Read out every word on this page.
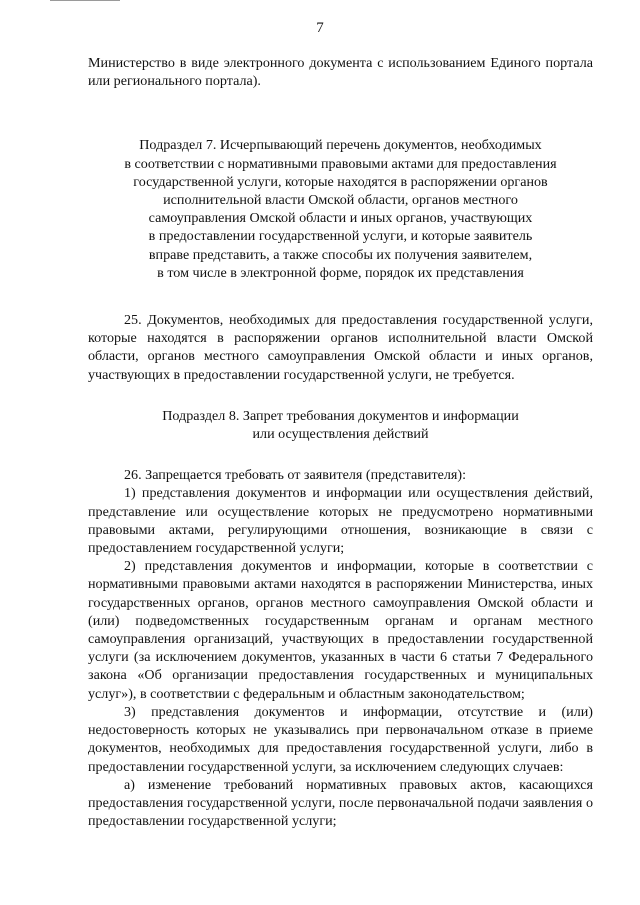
7

Министерство в виде электронного документа с использованием Единого портала или регионального портала).

Подраздел 7. Исчерпывающий перечень документов, необходимых
в соответствии с нормативными правовыми актами для предоставления
государственной услуги, которые находятся в распоряжении органов
исполнительной власти Омской области, органов местного
самоуправления Омской области и иных органов, участвующих
в предоставлении государственной услуги, и которые заявитель
вправе представить, а также способы их получения заявителем,
в том числе в электронной форме, порядок их представления

25. Документов, необходимых для предоставления государственной услуги, которые находятся в распоряжении органов исполнительной власти Омской области, органов местного самоуправления Омской области и иных органов, участвующих в предоставлении государственной услуги, не требуется.

Подраздел 8. Запрет требования документов и информации
или осуществления действий

26. Запрещается требовать от заявителя (представителя):

1) представления документов и информации или осуществления действий, представление или осуществление которых не предусмотрено нормативными правовыми актами, регулирующими отношения, возникающие в связи с предоставлением государственной услуги;

2) представления документов и информации, которые в соответствии с нормативными правовыми актами находятся в распоряжении Министерства, иных государственных органов, органов местного самоуправления Омской области и (или) подведомственных государственным органам и органам местного самоуправления организаций, участвующих в предоставлении государственной услуги (за исключением документов, указанных в части 6 статьи 7 Федерального закона «Об организации предоставления государственных и муниципальных услуг»), в соответствии с федеральным и областным законодательством;

3) представления документов и информации, отсутствие и (или) недостоверность которых не указывались при первоначальном отказе в приеме документов, необходимых для предоставления государственной услуги, либо в предоставлении государственной услуги, за исключением следующих случаев:

а) изменение требований нормативных правовых актов, касающихся предоставления государственной услуги, после первоначальной подачи заявления о предоставлении государственной услуги;
